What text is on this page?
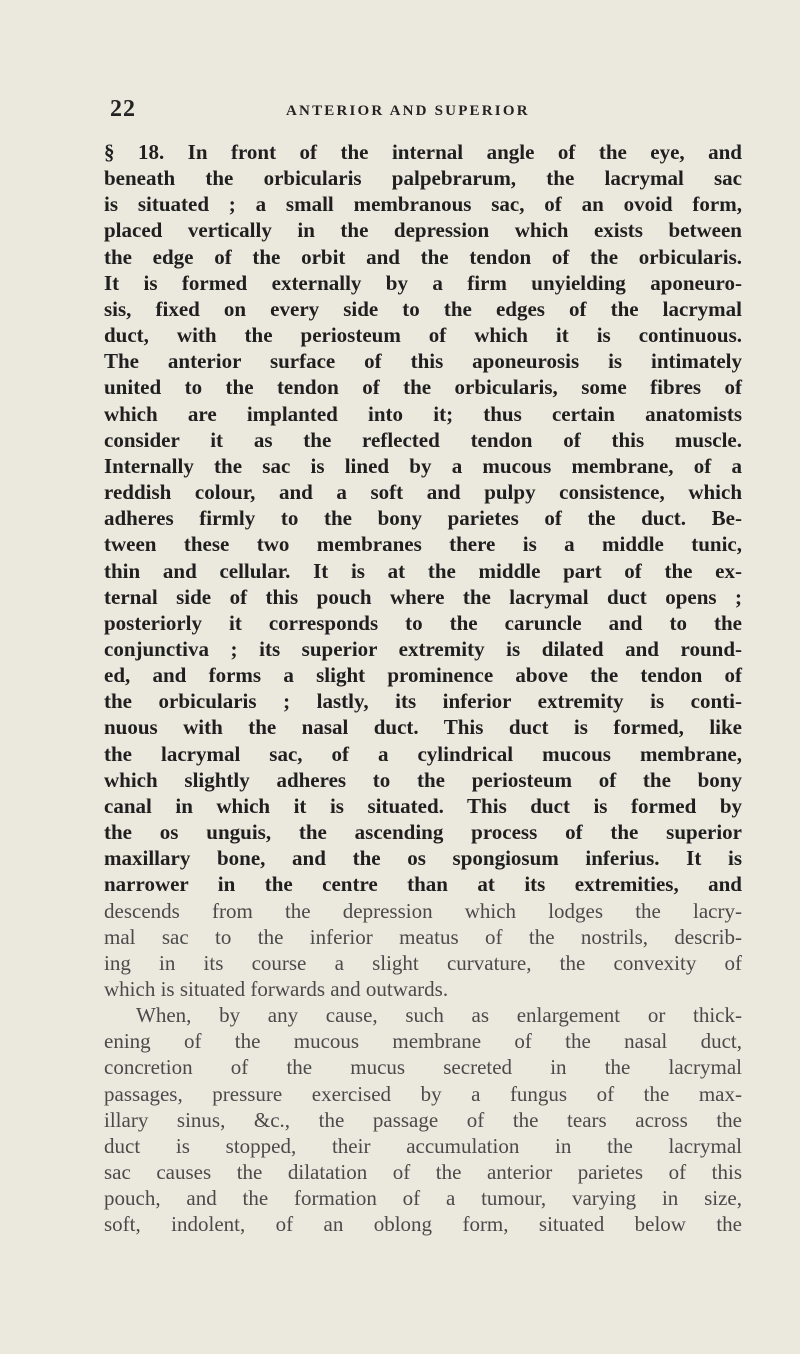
22	ANTERIOR AND SUPERIOR
§ 18. In front of the internal angle of the eye, and
beneath the orbicularis palpebrarum, the lacrymal sac
is situated ; a small membranous sac, of an ovoid form,
placed vertically in the depression which exists between
the edge of the orbit and the tendon of the orbicularis.
It is formed externally by a firm unyielding aponeuro-
sis, fixed on every side to the edges of the lacrymal
duct, with the periosteum of which it is continuous.
The anterior surface of this aponeurosis is intimately
united to the tendon of the orbicularis, some fibres of
which are implanted into it; thus certain anatomists
consider it as the reflected tendon of this muscle.
Internally the sac is lined by a mucous membrane, of a
reddish colour, and a soft and pulpy consistence, which
adheres firmly to the bony parietes of the duct. Be-
tween these two membranes there is a middle tunic,
thin and cellular. It is at the middle part of the ex-
ternal side of this pouch where the lacrymal duct opens ;
posteriorly it corresponds to the caruncle and to the
conjunctiva ; its superior extremity is dilated and round-
ed, and forms a slight prominence above the tendon of
the orbicularis ; lastly, its inferior extremity is conti-
nuous with the nasal duct. This duct is formed, like
the lacrymal sac, of a cylindrical mucous membrane,
which slightly adheres to the periosteum of the bony
canal in which it is situated. This duct is formed by
the os unguis, the ascending process of the superior
maxillary bone, and the os spongiosum inferius. It is
narrower in the centre than at its extremities, and
descends from the depression which lodges the lacry-
mal sac to the inferior meatus of the nostrils, describ-
ing in its course a slight curvature, the convexity of
which is situated forwards and outwards.
When, by any cause, such as enlargement or thick-
ening of the mucous membrane of the nasal duct,
concretion of the mucus secreted in the lacrymal
passages, pressure exercised by a fungus of the max-
illary sinus, &c., the passage of the tears across the
duct is stopped, their accumulation in the lacrymal
sac causes the dilatation of the anterior parietes of this
pouch, and the formation of a tumour, varying in size,
soft, indolent, of an oblong form, situated below the
